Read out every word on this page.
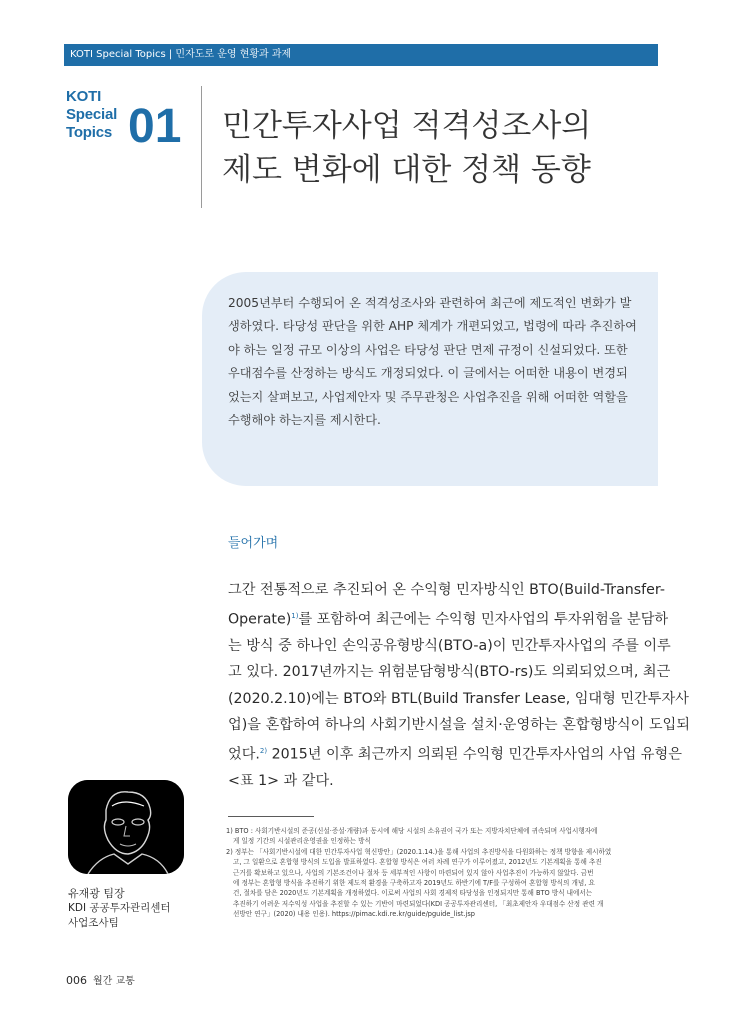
KOTI Special Topics | 민자도로 운영 현황과 과제
KOTI
Special
Topics 01 민간투자사업 적격성조사의
제도 변화에 대한 정책 동향
2005년부터 수행되어 온 적격성조사와 관련하여 최근에 제도적인 변화가 발
생하였다. 타당성 판단을 위한 AHP 체계가 개편되었고, 법령에 따라 추진하여
야 하는 일정 규모 이상의 사업은 타당성 판단 면제 규정이 신설되었다. 또한
우대점수를 산정하는 방식도 개정되었다. 이 글에서는 어떠한 내용이 변경되
었는지 살펴보고, 사업제안자 및 주무관청은 사업추진을 위해 어떠한 역할을
수행해야 하는지를 제시한다.
들어가며
그간 전통적으로 추진되어 온 수익형 민자방식인 BTO(Build-Transfer-
Operate)$^{1)}$를 포함하여 최근에는 수익형 민자사업의 투자위험을 분담하
는 방식 중 하나인 손익공유형방식(BTO-a)이 민간투자사업의 주를 이루
고 있다. 2017년까지는 위험분담형방식(BTO-rs)도 의뢰되었으며, 최근
(2020.2.10)에는 BTO와 BTL(Build Transfer Lease, 임대형 민간투자사
업)을 혼합하여 하나의 사회기반시설을 설치·운영하는 혼합형방식이 도입되
었다.$^{2)}$ 2015년 이후 최근까지 의뢰된 수익형 민간투자사업의 사업 유형은
<표 1> 과 같다.
유재광 팀장
KDI 공공투자관리센터
사업조사팀
1) BTO : 사회기반시설의 준공(신설·증설·개량)과 동시에 해당 시설의 소유권이 국가 또는 지방자치단체에 귀속되며 사업시행자에
게 일정 기간의 시설관리운영권을 인정하는 방식
2) 정부는 「사회기반시설에 대한 민간투자사업 혁신방안」(2020.1.14.)을 통해 사업의 추진방식을 다원화하는 정책 방향을 제시하였
고, 그 일환으로 혼합형 방식의 도입을 발표하였다. 혼합형 방식은 여러 차례 연구가 이루어졌고, 2012년도 기본계획을 통해 추진
근거를 확보하고 있으나, 사업의 기본조건이나 절차 등 세부적인 사항이 마련되어 있지 않아 사업추진이 가능하지 않았다. 금번
에 정부는 혼합형 방식을 추진하기 위한 제도적 환경을 구축하고자 2019년도 하반기에 T/F를 구성하여 혼합형 방식의 개념, 요
건, 절차를 담은 2020년도 기본계획을 개정하였다. 이로써 사업의 사회 경제적 타당성을 인정되지만 통해 BTO 방식 내에서는
추진하기 어려운 저수익성 사업을 추진할 수 있는 기반이 마련되었다(KDI 공공투자관리센터, 「최초제안자 우대점수 산정 관련 개
선방안 연구」(2020) 내용 인용). https://pimac.kdi.re.kr/guide/pguide_list.jsp
006 월간 교통
